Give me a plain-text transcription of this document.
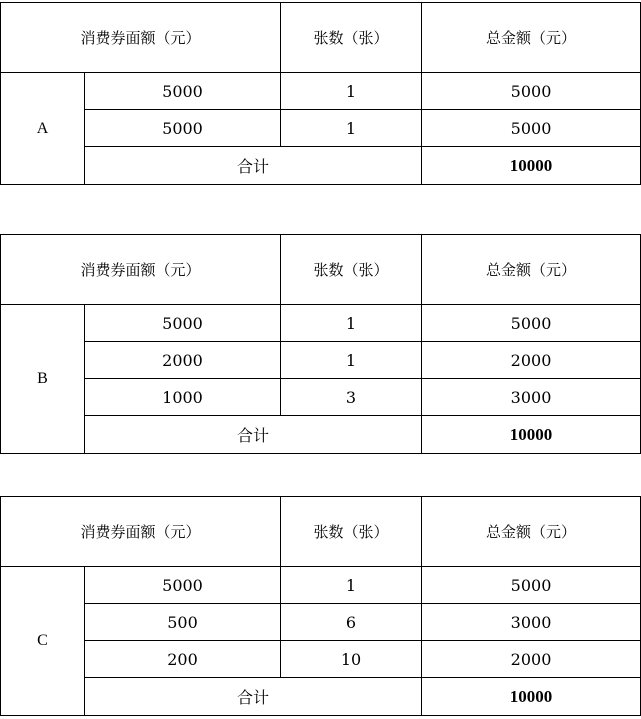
消费券面额（元）		张数（张）	总金额（元）
A	5000	1	5000
	5000	1	5000
	合计		10000
消费券面额（元）		张数（张）	总金额（元）
B	5000	1	5000
	2000	1	2000
	1000	3	3000
	合计		10000
消费券面额（元）		张数（张）	总金额（元）
C	5000	1	5000
	500	6	3000
	200	10	2000
	合计		10000
